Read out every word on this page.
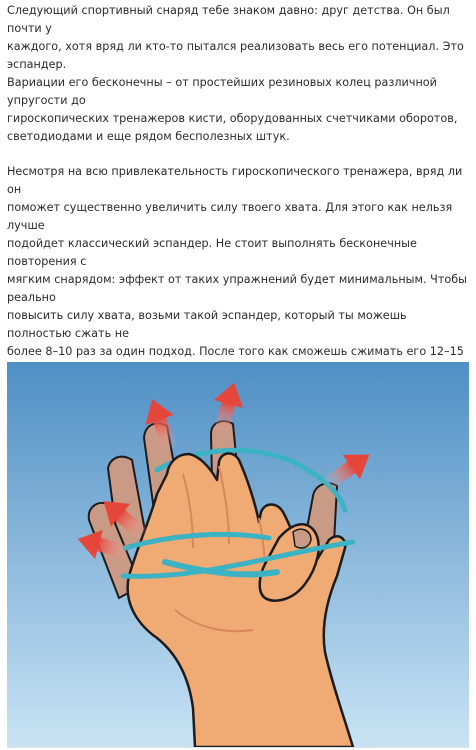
Следующий спортивный снаряд тебе знаком давно: друг детства. Он был почти у
каждого, хотя вряд ли кто-то пытался реализовать весь его потенциал. Это эспандер.
Вариации его бесконечны – от простейших резиновых колец различной упругости до
гироскопических тренажеров кисти, оборудованных счетчиками оборотов,
светодиодами и еще рядом бесполезных штук.

Несмотря на всю привлекательность гироскопического тренажера, вряд ли он
поможет существенно увеличить силу твоего хвата. Для этого как нельзя лучше
подойдет классический эспандер. Не стоит выполнять бесконечные повторения с
мягким снарядом: эффект от таких упражнений будет минимальным. Чтобы реально
повысить силу хвата, возьми такой эспандер, который ты можешь полностью сжать не
более 8–10 раз за один подход. После того как сможешь сжимать его 12–15
